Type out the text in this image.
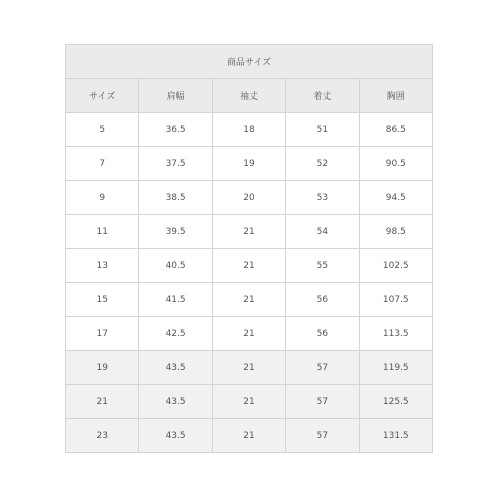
商品サイズ				
サイズ	肩幅	袖丈	着丈	胸囲
5	36.5	18	51	86.5
7	37.5	19	52	90.5
9	38.5	20	53	94.5
11	39.5	21	54	98.5
13	40.5	21	55	102.5
15	41.5	21	56	107.5
17	42.5	21	56	113.5
19	43.5	21	57	119.5
21	43.5	21	57	125.5
23	43.5	21	57	131.5
